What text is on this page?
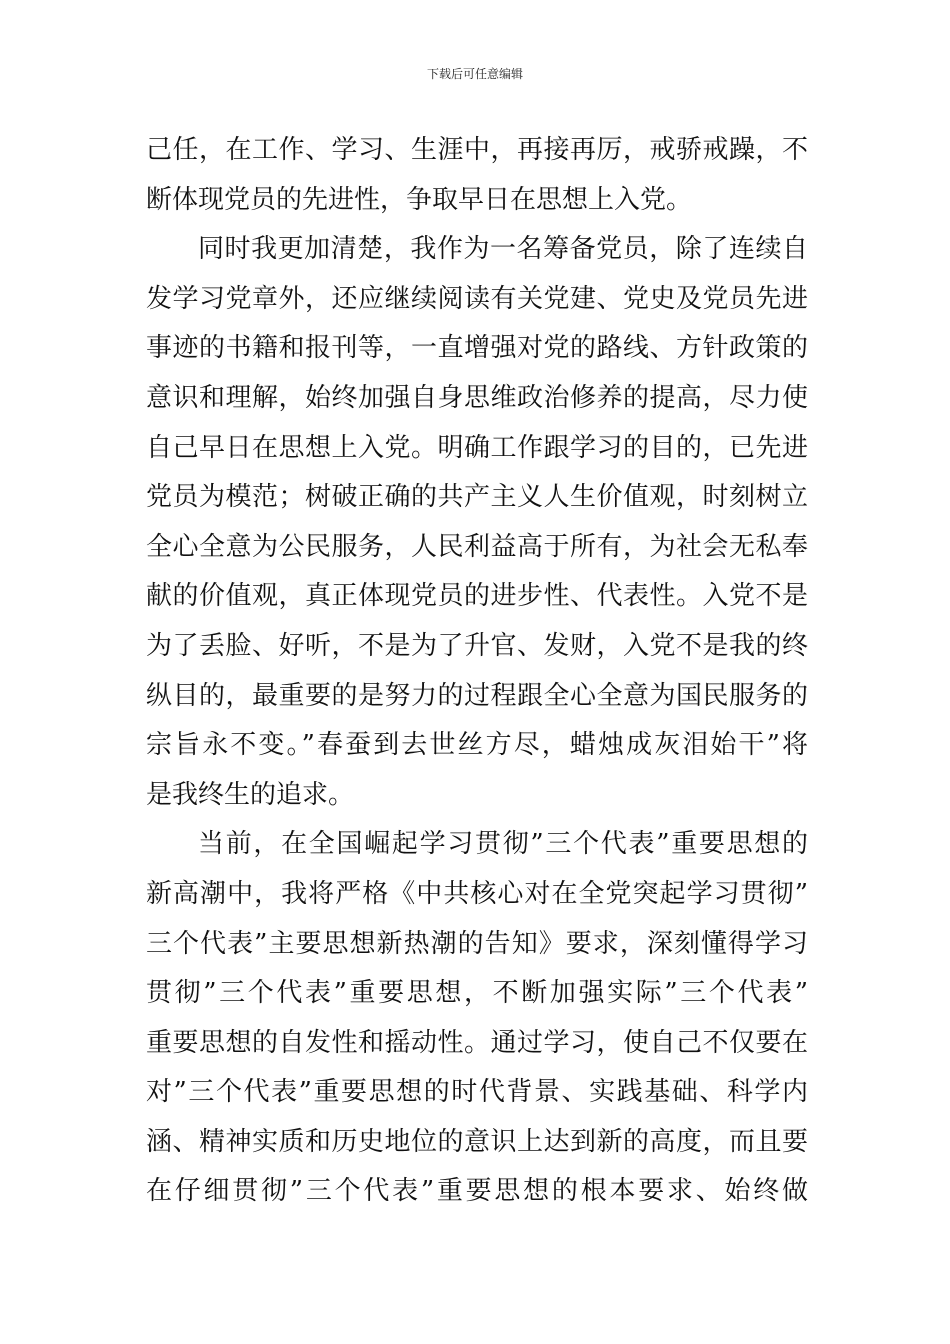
下载后可任意编辑
己任，在工作、学习、生涯中，再接再厉，戒骄戒躁，不
断体现党员的先进性，争取早日在思想上入党。
同时我更加清楚，我作为一名筹备党员，除了连续自
发学习党章外，还应继续阅读有关党建、党史及党员先进
事迹的书籍和报刊等，一直增强对党的路线、方针政策的
意识和理解，始终加强自身思维政治修养的提高，尽力使
自己早日在思想上入党。明确工作跟学习的目的，已先进
党员为模范；树破正确的共产主义人生价值观，时刻树立
全心全意为公民服务，人民利益高于所有，为社会无私奉
献的价值观，真正体现党员的进步性、代表性。入党不是
为了丢脸、好听，不是为了升官、发财，入党不是我的终
纵目的，最重要的是努力的过程跟全心全意为国民服务的
宗旨永不变。”春蚕到去世丝方尽，蜡烛成灰泪始干”将
是我终生的追求。
当前，在全国崛起学习贯彻”三个代表”重要思想的
新高潮中，我将严格《中共核心对在全党突起学习贯彻”
三个代表”主要思想新热潮的告知》要求，深刻懂得学习
贯彻”三个代表”重要思想，不断加强实际”三个代表”
重要思想的自发性和摇动性。通过学习，使自己不仅要在
对”三个代表”重要思想的时代背景、实践基础、科学内
涵、精神实质和历史地位的意识上达到新的高度，而且要
在仔细贯彻”三个代表”重要思想的根本要求、始终做
